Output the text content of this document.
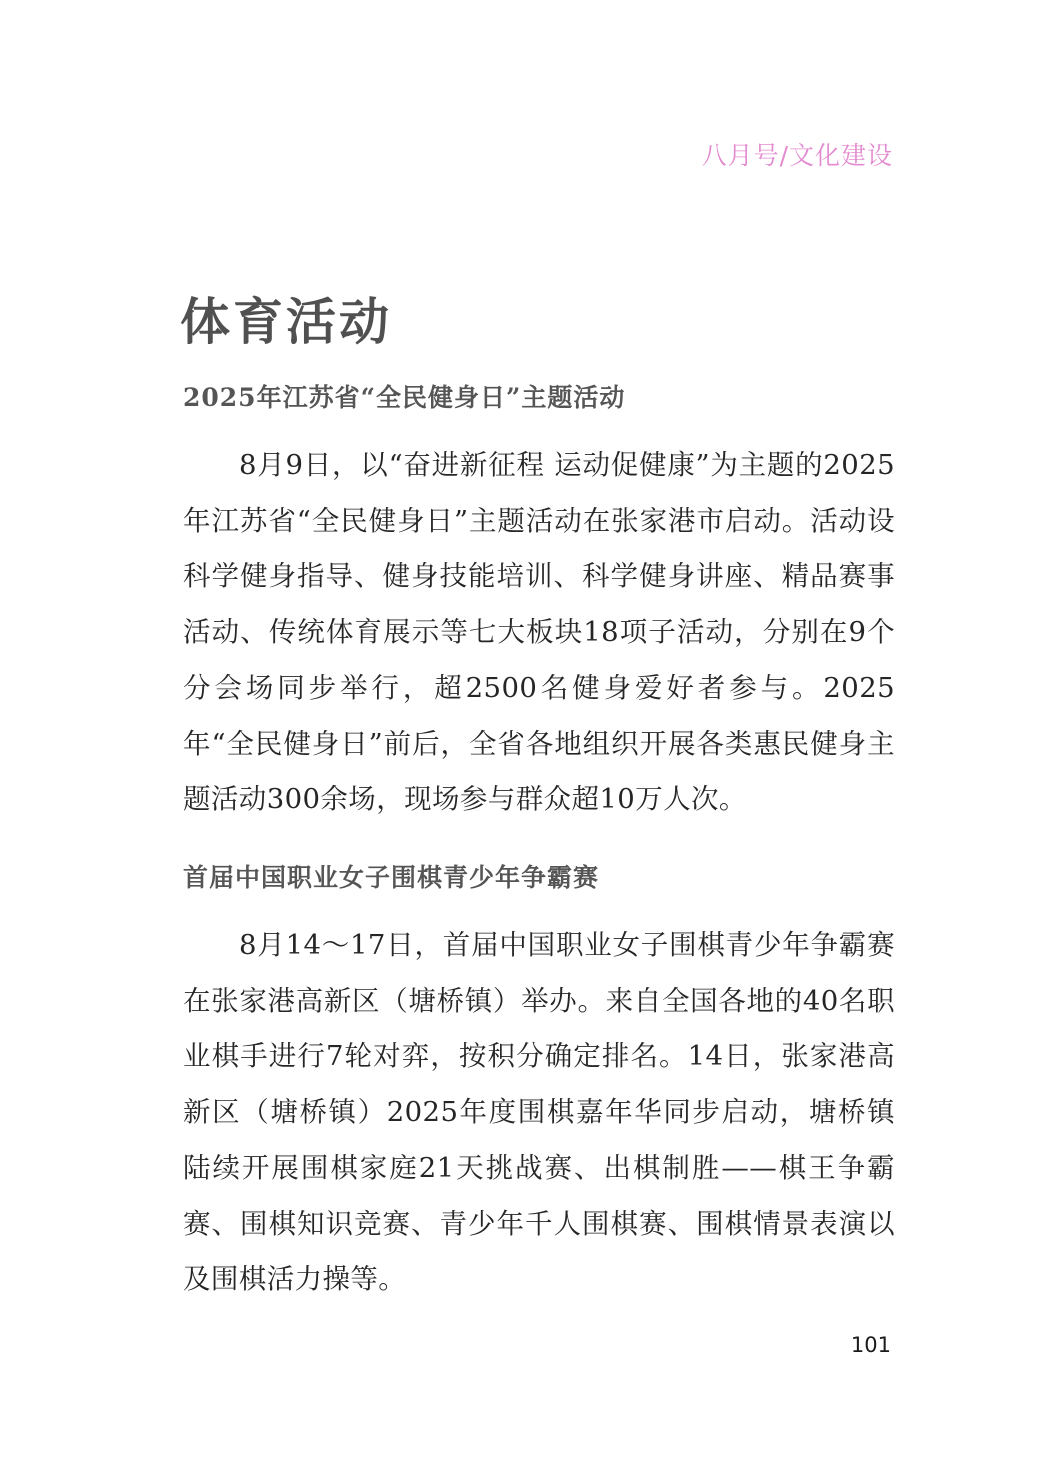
八月号/文化建设
体育活动
2025年江苏省“全民健身日”主题活动

8月9日，以“奋进新征程 运动促健康”为主题的2025年江苏省“全民健身日”主题活动在张家港市启动。活动设科学健身指导、健身技能培训、科学健身讲座、精品赛事活动、传统体育展示等七大板块18项子活动，分别在9个分会场同步举行，超2500名健身爱好者参与。2025年“全民健身日”前后，全省各地组织开展各类惠民健身主题活动300余场，现场参与群众超10万人次。

首届中国职业女子围棋青少年争霸赛

8月14～17日，首届中国职业女子围棋青少年争霸赛在张家港高新区（塘桥镇）举办。来自全国各地的40名职业棋手进行7轮对弈，按积分确定排名。14日，张家港高新区（塘桥镇）2025年度围棋嘉年华同步启动，塘桥镇陆续开展围棋家庭21天挑战赛、出棋制胜——棋王争霸赛、围棋知识竞赛、青少年千人围棋赛、围棋情景表演以及围棋活力操等。

101
